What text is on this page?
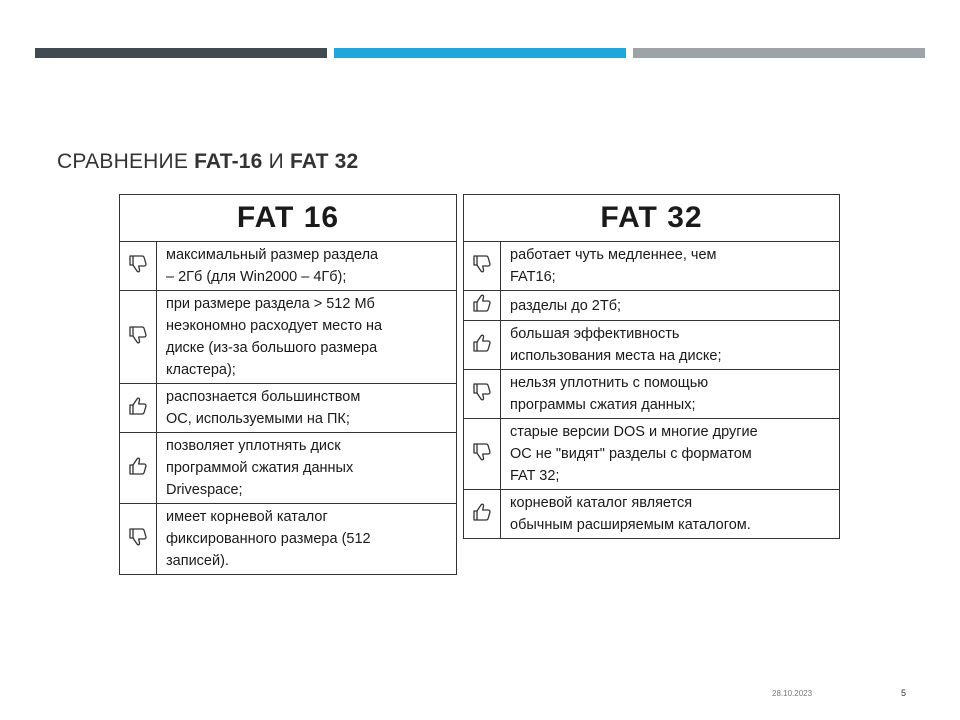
СРАВНЕНИЕ FAT-16 И FAT 32
FAT 16	
	максимальный размер раздела
– 2Гб (для Win2000 – 4Гб);
	при размере раздела > 512 Мб
неэкономно расходует место на
диске (из-за большого размера
кластера);
	распознается большинством
ОС, используемыми на ПК;
	позволяет уплотнять диск
программой сжатия данных
Drivespace;
	имеет корневой каталог
фиксированного размера (512
записей).
FAT 32	
	работает чуть медленнее, чем
FAT16;
	разделы до 2Тб;
	большая эффективность
использования места на диске;
	нельзя уплотнить с помощью
программы сжатия данных;
	старые версии DOS и многие другие
ОС не "видят" разделы с форматом
FAT 32;
	корневой каталог является
обычным расширяемым каталогом.
28.10.2023	5
